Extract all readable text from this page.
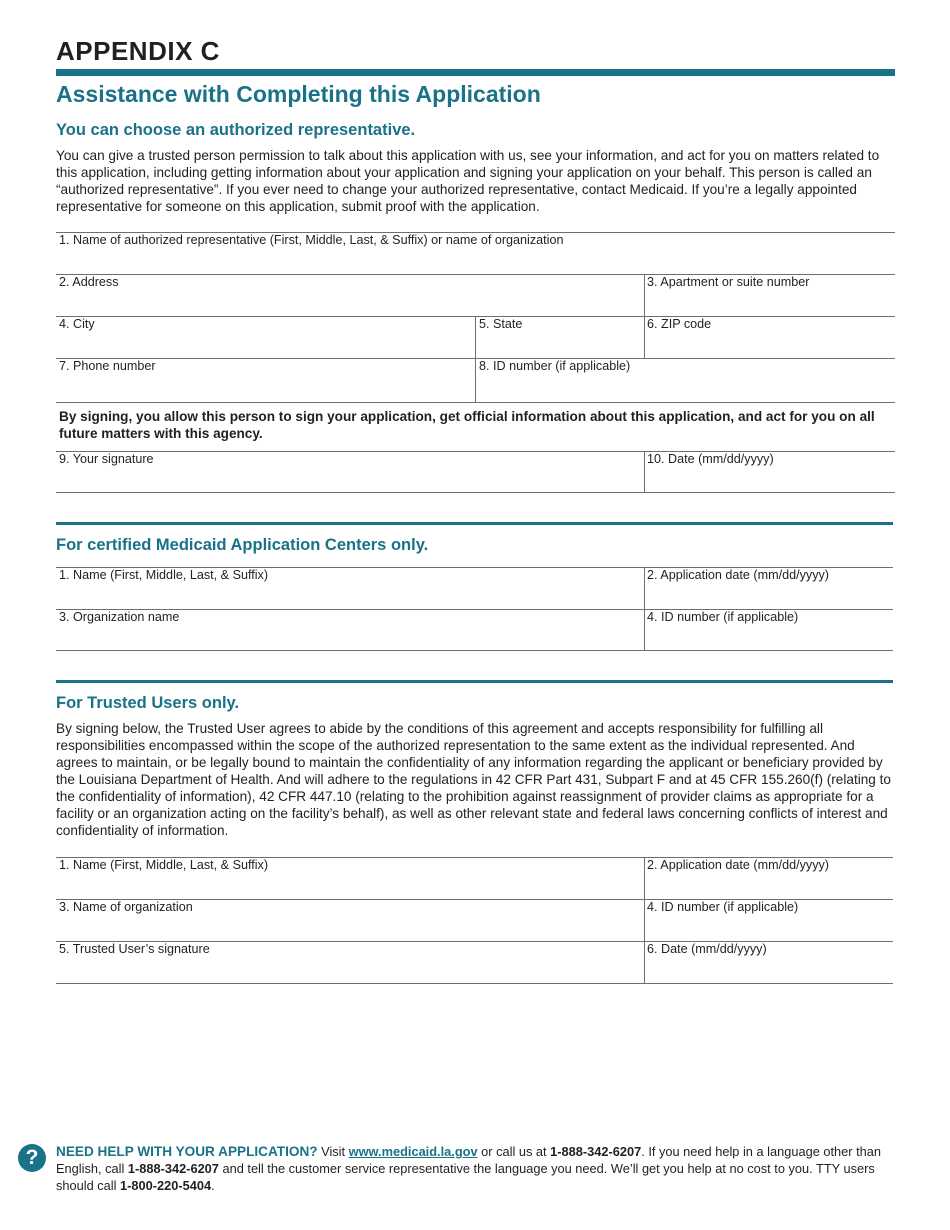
APPENDIX C
Assistance with Completing this Application
You can choose an authorized representative.

You can give a trusted person permission to talk about this application with us, see your information, and act for you on matters related to this application, including getting information about your application and signing your application on your behalf. This person is called an “authorized representative”. If you ever need to change your authorized representative, contact Medicaid. If you’re a legally appointed representative for someone on this application, submit proof with the application.

1. Name of authorized representative (First, Middle, Last, & Suffix) or name of organization
2. Address	3. Apartment or suite number
4. City	5. State	6. ZIP code
7. Phone number	8. ID number (if applicable)

By signing, you allow this person to sign your application, get official information about this application, and act for you on all future matters with this agency.

9. Your signature	10. Date (mm/dd/yyyy)
For certified Medicaid Application Centers only.
1. Name (First, Middle, Last, & Suffix)	2. Application date (mm/dd/yyyy)
3. Organization name	4. ID number (if applicable)
For Trusted Users only.

By signing below, the Trusted User agrees to abide by the conditions of this agreement and accepts responsibility for fulfilling all responsibilities encompassed within the scope of the authorized representation to the same extent as the individual represented. And agrees to maintain, or be legally bound to maintain the confidentiality of any information regarding the applicant or beneficiary provided by the Louisiana Department of Health. And will adhere to the regulations in 42 CFR Part 431, Subpart F and at 45 CFR 155.260(f) (relating to the confidentiality of information), 42 CFR 447.10 (relating to the prohibition against reassignment of provider claims as appropriate for a facility or an organization acting on the facility’s behalf), as well as other relevant state and federal laws concerning conflicts of interest and confidentiality of information.

1. Name (First, Middle, Last, & Suffix)	2. Application date (mm/dd/yyyy)
3. Name of organization	4. ID number (if applicable)
5. Trusted User’s signature	6. Date (mm/dd/yyyy)
?	NEED HELP WITH YOUR APPLICATION? Visit www.medicaid.la.gov or call us at 1-888-342-6207. If you need help in a language other than English, call 1-888-342-6207 and tell the customer service representative the language you need. We’ll get you help at no cost to you. TTY users should call 1-800-220-5404.
